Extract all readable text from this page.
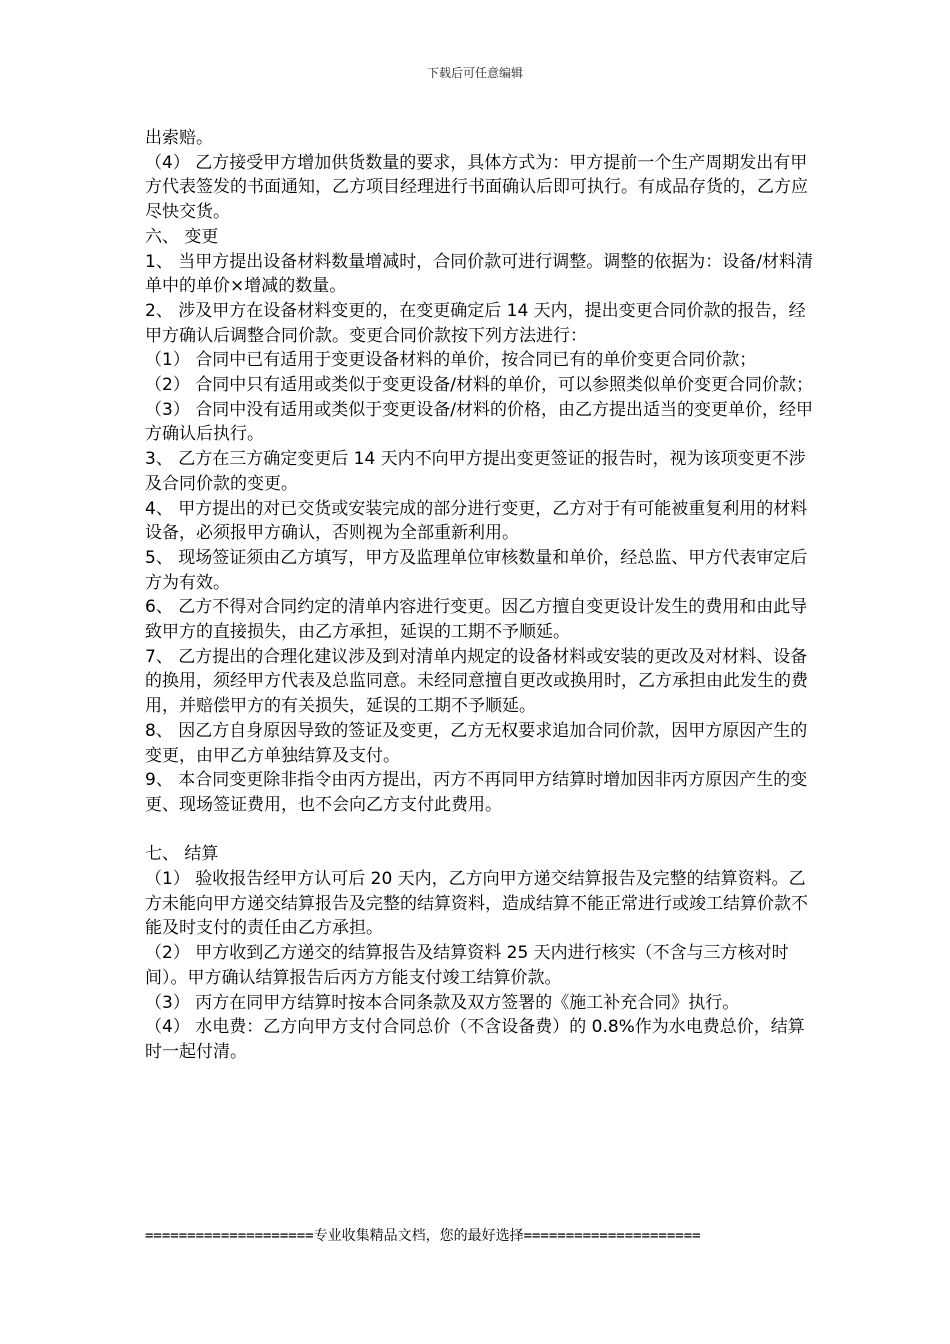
下载后可任意编辑

出索赔。

（4） 乙方接受甲方增加供货数量的要求，具体方式为：甲方提前一个生产周期发出有甲方代表签发的书面通知，乙方项目经理进行书面确认后即可执行。有成品存货的，乙方应尽快交货。

六、 变更

1、 当甲方提出设备材料数量增减时，合同价款可进行调整。调整的依据为：设备/材料清单中的单价×增减的数量。

2、 涉及甲方在设备材料变更的，在变更确定后 14 天内，提出变更合同价款的报告，经甲方确认后调整合同价款。变更合同价款按下列方法进行：

（1） 合同中已有适用于变更设备材料的单价，按合同已有的单价变更合同价款；

（2） 合同中只有适用或类似于变更设备/材料的单价，可以参照类似单价变更合同价款；

（3） 合同中没有适用或类似于变更设备/材料的价格，由乙方提出适当的变更单价，经甲方确认后执行。

3、 乙方在三方确定变更后 14 天内不向甲方提出变更签证的报告时，视为该项变更不涉及合同价款的变更。

4、 甲方提出的对已交货或安装完成的部分进行变更，乙方对于有可能被重复利用的材料设备，必须报甲方确认，否则视为全部重新利用。

5、 现场签证须由乙方填写，甲方及监理单位审核数量和单价，经总监、甲方代表审定后方为有效。

6、 乙方不得对合同约定的清单内容进行变更。因乙方擅自变更设计发生的费用和由此导致甲方的直接损失，由乙方承担，延误的工期不予顺延。

7、 乙方提出的合理化建议涉及到对清单内规定的设备材料或安装的更改及对材料、设备的换用，须经甲方代表及总监同意。未经同意擅自更改或换用时，乙方承担由此发生的费用，并赔偿甲方的有关损失，延误的工期不予顺延。

8、 因乙方自身原因导致的签证及变更，乙方无权要求追加合同价款，因甲方原因产生的变更，由甲乙方单独结算及支付。

9、 本合同变更除非指令由丙方提出，丙方不再同甲方结算时增加因非丙方原因产生的变更、现场签证费用，也不会向乙方支付此费用。

七、 结算

（1） 验收报告经甲方认可后 20 天内，乙方向甲方递交结算报告及完整的结算资料。乙方未能向甲方递交结算报告及完整的结算资料，造成结算不能正常进行或竣工结算价款不能及时支付的责任由乙方承担。

（2） 甲方收到乙方递交的结算报告及结算资料 25 天内进行核实（不含与三方核对时间）。甲方确认结算报告后丙方方能支付竣工结算价款。

（3） 丙方在同甲方结算时按本合同条款及双方签署的《施工补充合同》执行。

（4） 水电费：乙方向甲方支付合同总价（不含设备费）的 0.8%作为水电费总价，结算时一起付清。

====================专业收集精品文档，您的最好选择=====================
